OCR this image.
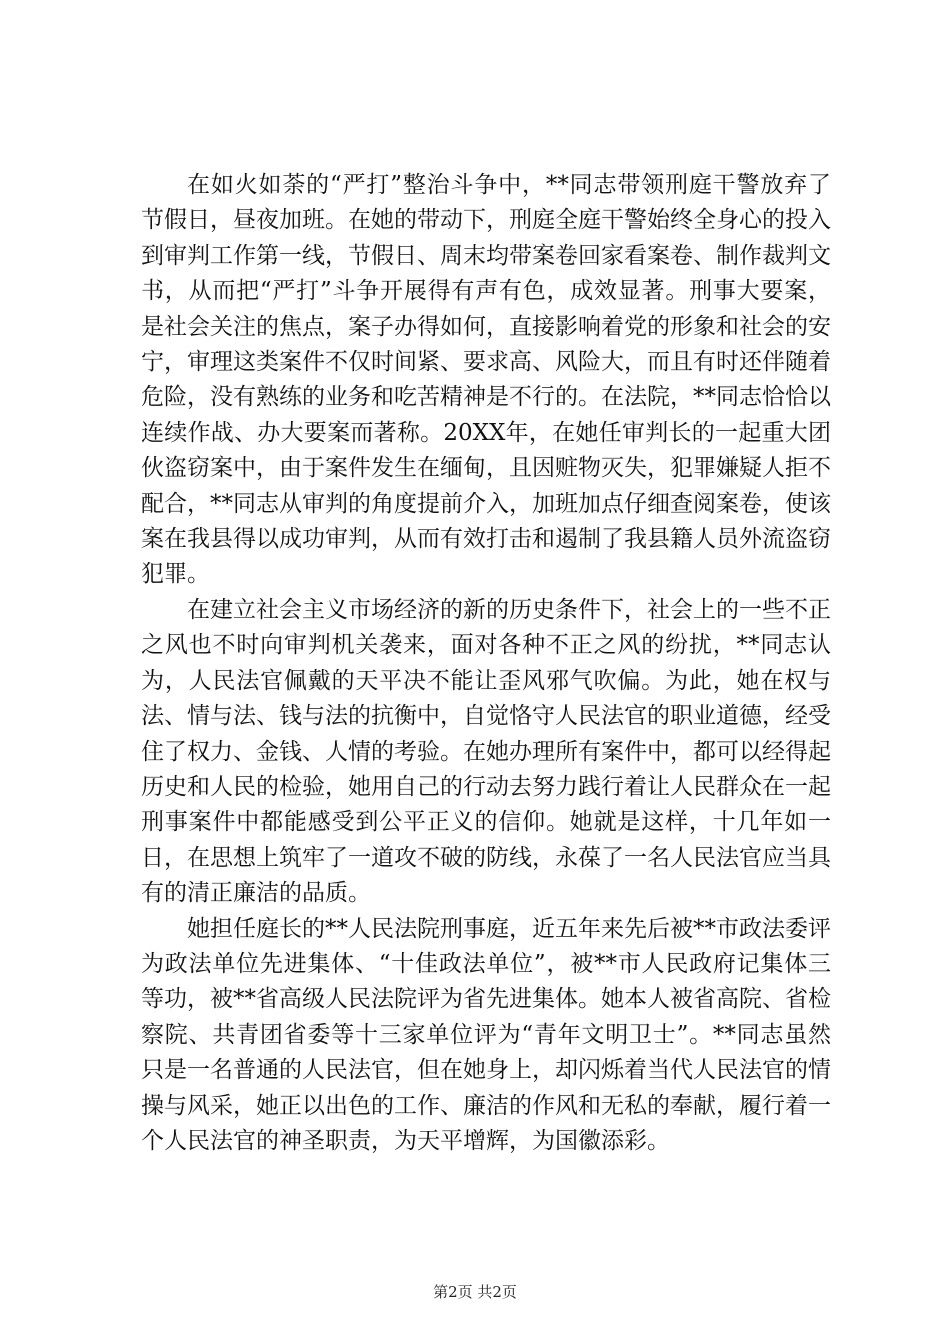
在如火如荼的“严打”整治斗争中，**同志带领刑庭干警放弃了节假日，昼夜加班。在她的带动下，刑庭全庭干警始终全身心的投入到审判工作第一线，节假日、周末均带案卷回家看案卷、制作裁判文书，从而把“严打”斗争开展得有声有色，成效显著。刑事大要案，是社会关注的焦点，案子办得如何，直接影响着党的形象和社会的安宁，审理这类案件不仅时间紧、要求高、风险大，而且有时还伴随着危险，没有熟练的业务和吃苦精神是不行的。在法院，**同志恰恰以连续作战、办大要案而著称。20XX年，在她任审判长的一起重大团伙盗窃案中，由于案件发生在缅甸，且因赃物灭失，犯罪嫌疑人拒不配合，**同志从审判的角度提前介入，加班加点仔细查阅案卷，使该案在我县得以成功审判，从而有效打击和遏制了我县籍人员外流盗窃犯罪。

在建立社会主义市场经济的新的历史条件下，社会上的一些不正之风也不时向审判机关袭来，面对各种不正之风的纷扰，**同志认为，人民法官佩戴的天平决不能让歪风邪气吹偏。为此，她在权与法、情与法、钱与法的抗衡中，自觉恪守人民法官的职业道德，经受住了权力、金钱、人情的考验。在她办理所有案件中，都可以经得起历史和人民的检验，她用自己的行动去努力践行着让人民群众在一起刑事案件中都能感受到公平正义的信仰。她就是这样，十几年如一日，在思想上筑牢了一道攻不破的防线，永葆了一名人民法官应当具有的清正廉洁的品质。

她担任庭长的**人民法院刑事庭，近五年来先后被**市政法委评为政法单位先进集体、“十佳政法单位”，被**市人民政府记集体三等功，被**省高级人民法院评为省先进集体。她本人被省高院、省检察院、共青团省委等十三家单位评为“青年文明卫士”。**同志虽然只是一名普通的人民法官，但在她身上，却闪烁着当代人民法官的情操与风采，她正以出色的工作、廉洁的作风和无私的奉献，履行着一个人民法官的神圣职责，为天平增辉，为国徽添彩。

第2页 共2页
